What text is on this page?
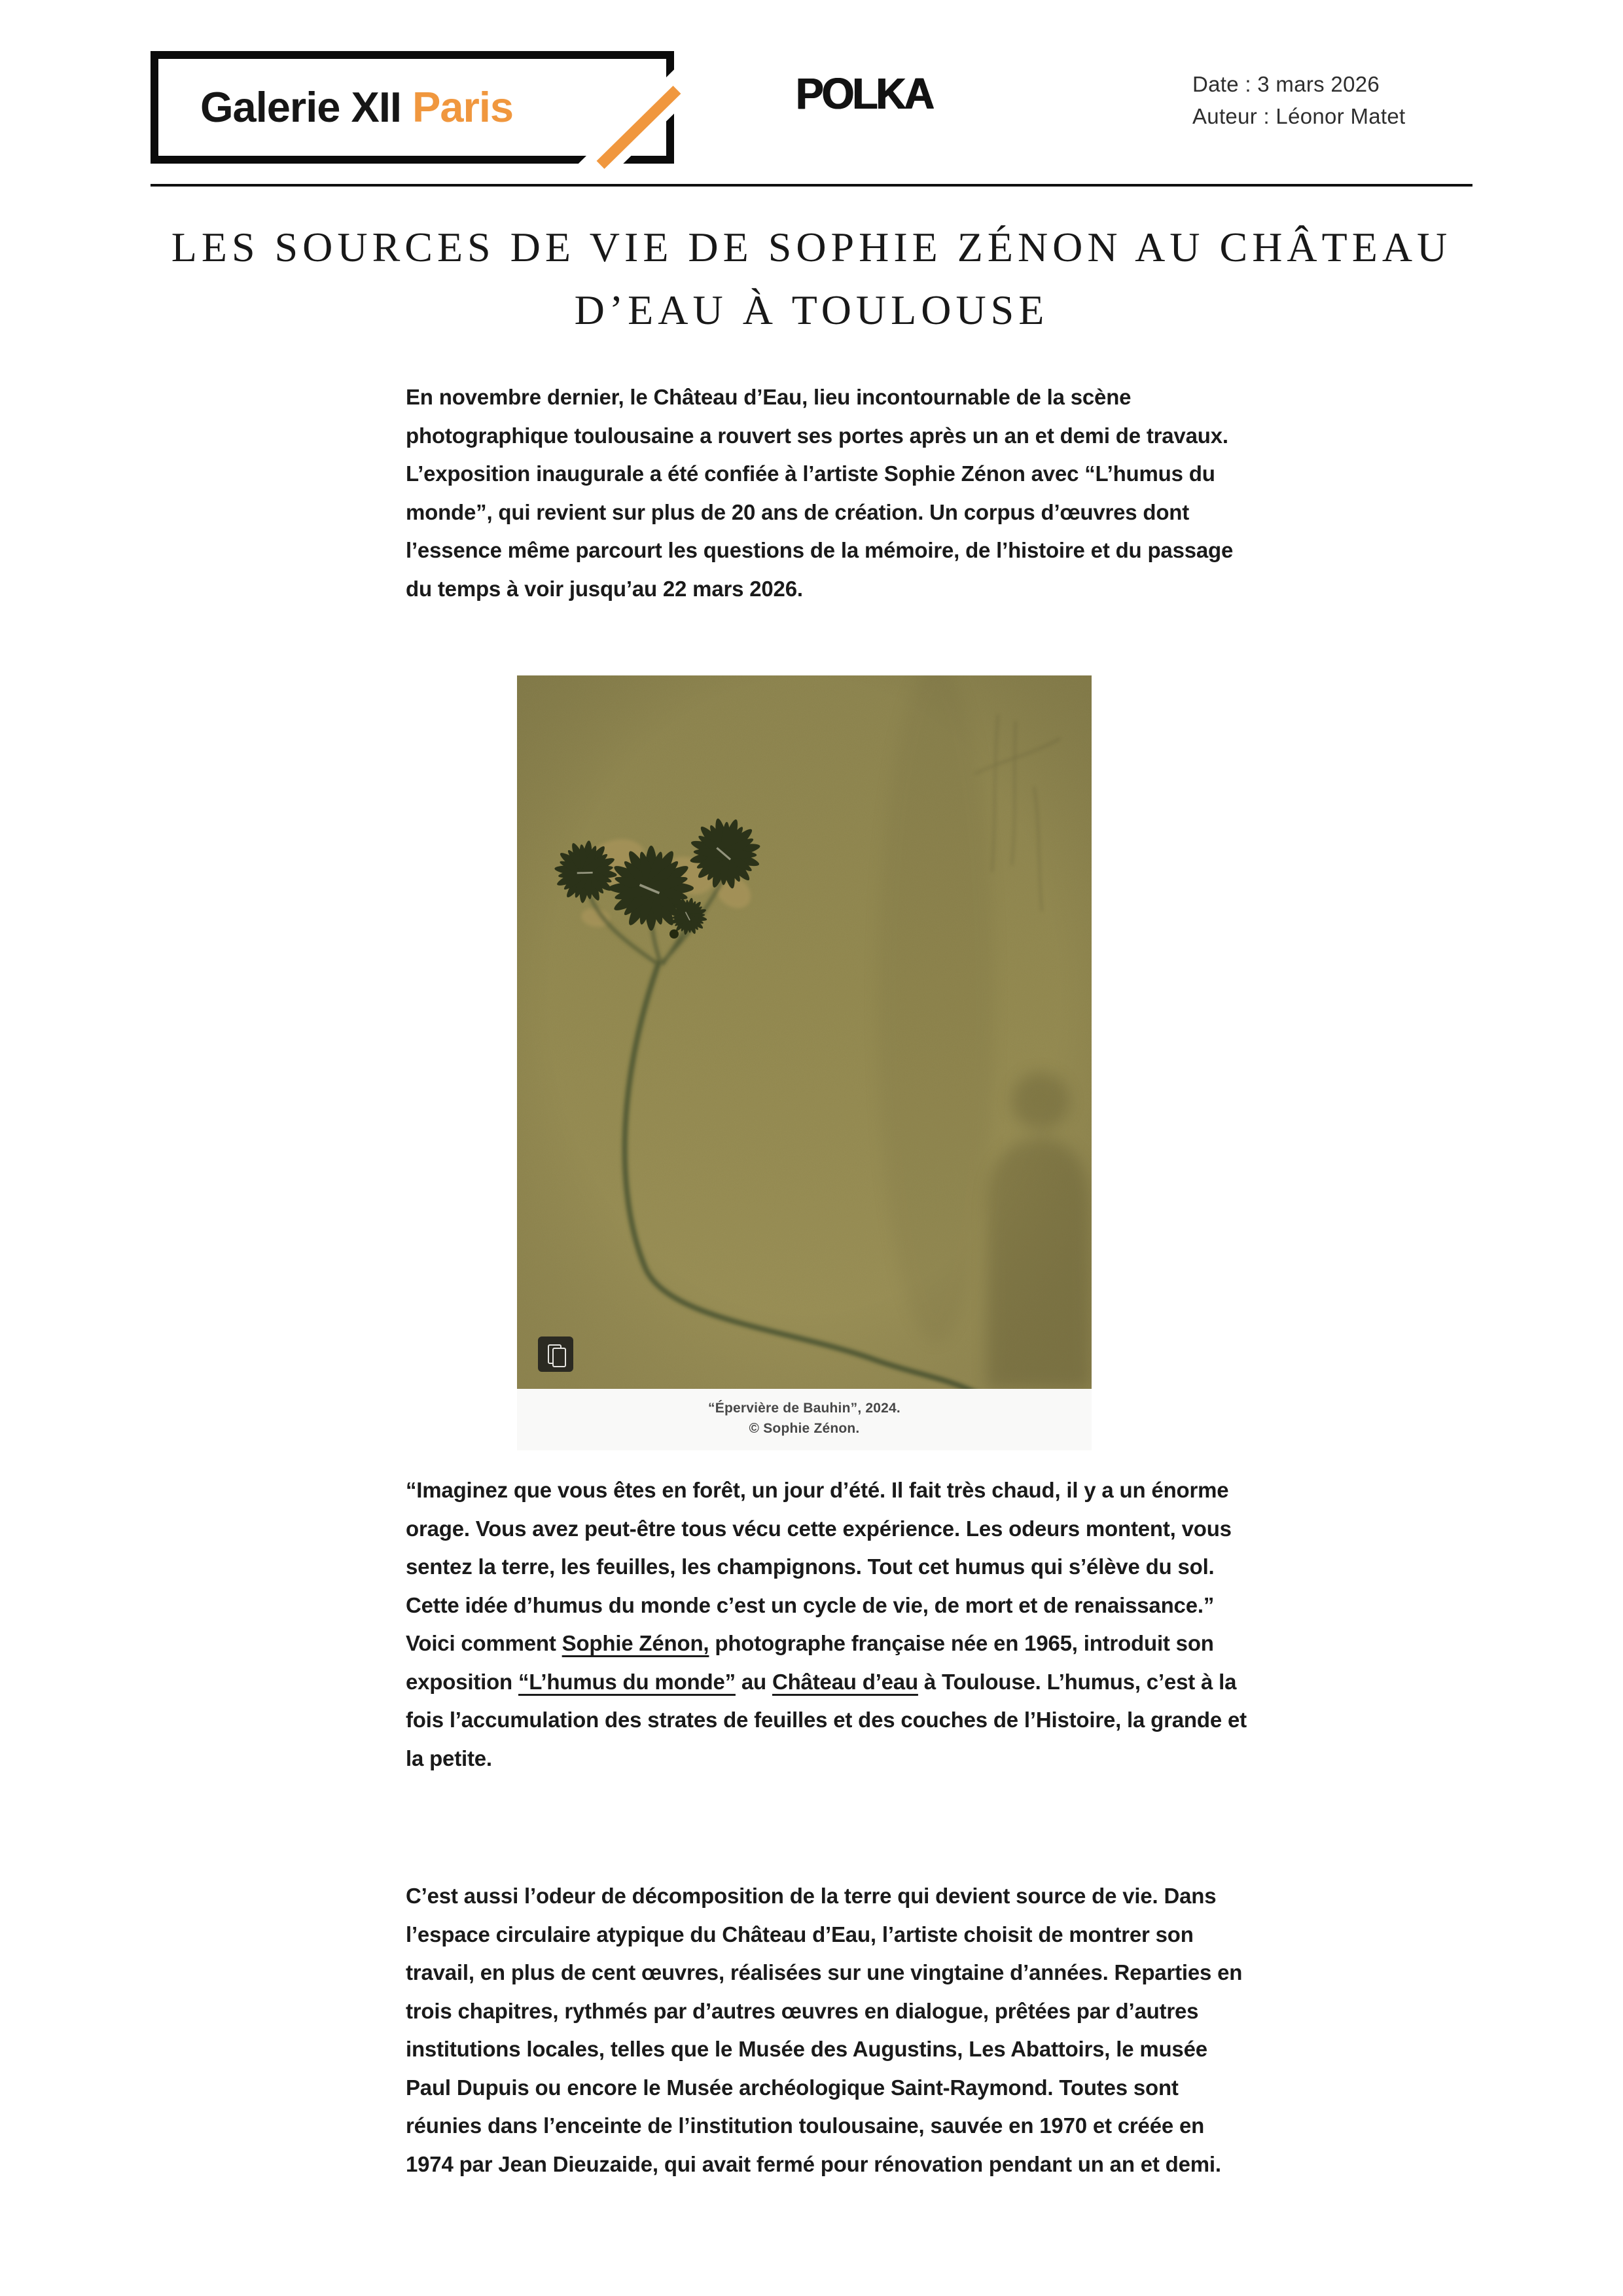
Galerie XII Paris	POLKA	Date : 3 mars 2026
Auteur : Léonor Matet
LES SOURCES DE VIE DE SOPHIE ZÉNON AU CHÂTEAU
D’EAU À TOULOUSE
En novembre dernier, le Château d’Eau, lieu incontournable de la scène photographique toulousaine a rouvert ses portes après un an et demi de travaux. L’exposition inaugurale a été confiée à l’artiste Sophie Zénon avec “L’humus du monde”, qui revient sur plus de 20 ans de création. Un corpus d’œuvres dont l’essence même parcourt les questions de la mémoire, de l’histoire et du passage du temps à voir jusqu’au 22 mars 2026.
“Épervière de Bauhin”, 2024.
© Sophie Zénon.
“Imaginez que vous êtes en forêt, un jour d’été. Il fait très chaud, il y a un énorme orage. Vous avez peut-être tous vécu cette expérience. Les odeurs montent, vous sentez la terre, les feuilles, les champignons. Tout cet humus qui s’élève du sol. Cette idée d’humus du monde c’est un cycle de vie, de mort et de renaissance.” Voici comment Sophie Zénon, photographe française née en 1965, introduit son exposition “L’humus du monde” au Château d’eau à Toulouse. L’humus, c’est à la fois l’accumulation des strates de feuilles et des couches de l’Histoire, la grande et la petite.
C’est aussi l’odeur de décomposition de la terre qui devient source de vie. Dans l’espace circulaire atypique du Château d’Eau, l’artiste choisit de montrer son travail, en plus de cent œuvres, réalisées sur une vingtaine d’années. Reparties en trois chapitres, rythmés par d’autres œuvres en dialogue, prêtées par d’autres institutions locales, telles que le Musée des Augustins, Les Abattoirs, le musée Paul Dupuis ou encore le Musée archéologique Saint-Raymond. Toutes sont réunies dans l’enceinte de l’institution toulousaine, sauvée en 1970 et créée en 1974 par Jean Dieuzaide, qui avait fermé pour rénovation pendant un an et demi.
